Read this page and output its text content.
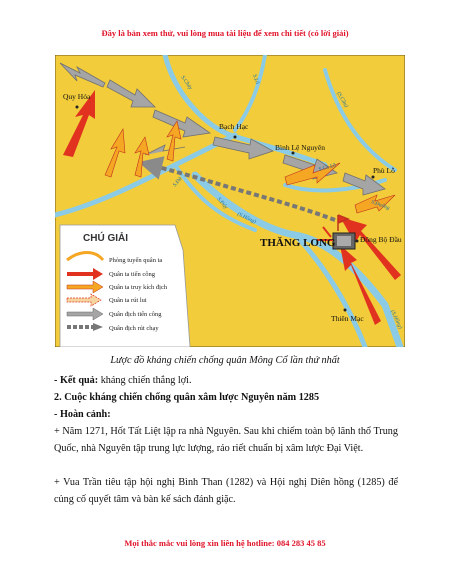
Đây là bản xem thử, vui lòng mua tài liệu để xem chi tiết (có lời giải)
Quy Hóa
Bạch Hạc
Bình Lệ Nguyên
Phù Lỗ
THĂNG LONG	Đông Bộ Đầu
Thiên Mạc
S.Chảy	S.Lô
(S.Cầu)
S.Cà Lồ
S.Đà
S.Đáy
(S.Hồng)
S.Đuống
(S.Hồng)
CHÚ GIẢI
Phòng tuyến quân ta
Quân ta tiến công
Quân ta truy kích địch
Quân ta rút lui
Quân địch tiến công
Quân địch rút chạy
Lược đồ kháng chiến chống quân Mông Cổ lần thứ nhất
- Kết quả: kháng chiến thắng lợi.
2. Cuộc kháng chiến chống quân xâm lược Nguyên năm 1285
- Hoàn cảnh:
+ Năm 1271, Hốt Tất Liệt lập ra nhà Nguyên. Sau khi chiếm toàn bộ lãnh thổ Trung Quốc, nhà Nguyên tập trung lực lượng, ráo riết chuẩn bị xâm lược Đại Việt.
+ Vua Trần tiêu tập hội nghị Bình Than (1282) và Hội nghị Diên hồng (1285) để củng cố quyết tâm và bàn kế sách đánh giặc.
Mọi thắc mắc vui lòng xin liên hệ hotline: 084 283 45 85
